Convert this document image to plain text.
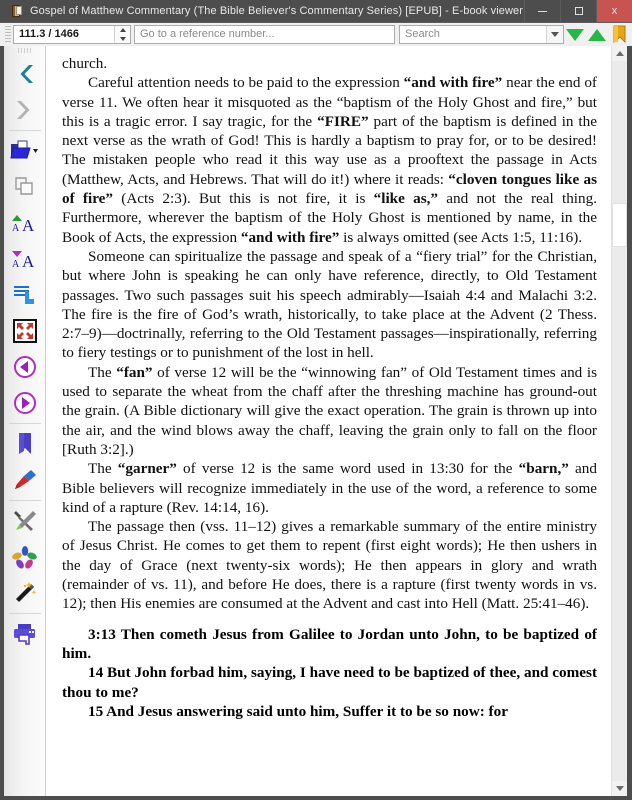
Gospel of Matthew Commentary (The Bible Believer's Commentary Series) [EPUB] - E-book viewer	x
111.3 / 1466	Go to a reference number...	Search
A A
A A

church.

Careful attention needs to be paid to the expression “and with fire” near the end of verse 11. We often hear it misquoted as the “baptism of the Holy Ghost and fire,” but this is a tragic error. I say tragic, for the “FIRE” part of the baptism is defined in the next verse as the wrath of God! This is hardly a baptism to pray for, or to be desired! The mistaken people who read it this way use as a prooftext the passage in Acts (Matthew, Acts, and Hebrews. That will do it!) where it reads: “cloven tongues like as of fire” (Acts 2:3). But this is not fire, it is “like as,” and not the real thing. Furthermore, wherever the baptism of the Holy Ghost is mentioned by name, in the Book of Acts, the expression “and with fire” is always omitted (see Acts 1:5, 11:16).

Someone can spiritualize the passage and speak of a “fiery trial” for the Christian, but where John is speaking he can only have reference, directly, to Old Testament passages. Two such passages suit his speech admirably—Isaiah 4:4 and Malachi 3:2. The fire is the fire of God’s wrath, historically, to take place at the Advent (2 Thess. 2:7–9)—doctrinally, referring to the Old Testament passages—inspirationally, referring to fiery testings or to punishment of the lost in hell.

The “fan” of verse 12 will be the “winnowing fan” of Old Testament times and is used to separate the wheat from the chaff after the threshing machine has ground-out the grain. (A Bible dictionary will give the exact operation. The grain is thrown up into the air, and the wind blows away the chaff, leaving the grain only to fall on the floor [Ruth 3:2].)

The “garner” of verse 12 is the same word used in 13:30 for the “barn,” and Bible believers will recognize immediately in the use of the word, a reference to some kind of a rapture (Rev. 14:14, 16).

The passage then (vss. 11–12) gives a remarkable summary of the entire ministry of Jesus Christ. He comes to get them to repent (first eight words); He then ushers in the day of Grace (next twenty-six words); He then appears in glory and wrath (remainder of vs. 11), and before He does, there is a rapture (first twenty words in vs. 12); then His enemies are consumed at the Advent and cast into Hell (Matt. 25:41–46).

3:13 Then cometh Jesus from Galilee to Jordan unto John, to be baptized of him.

14 But John forbad him, saying, I have need to be baptized of thee, and comest thou to me?

15 And Jesus answering said unto him, Suffer it to be so now: for
